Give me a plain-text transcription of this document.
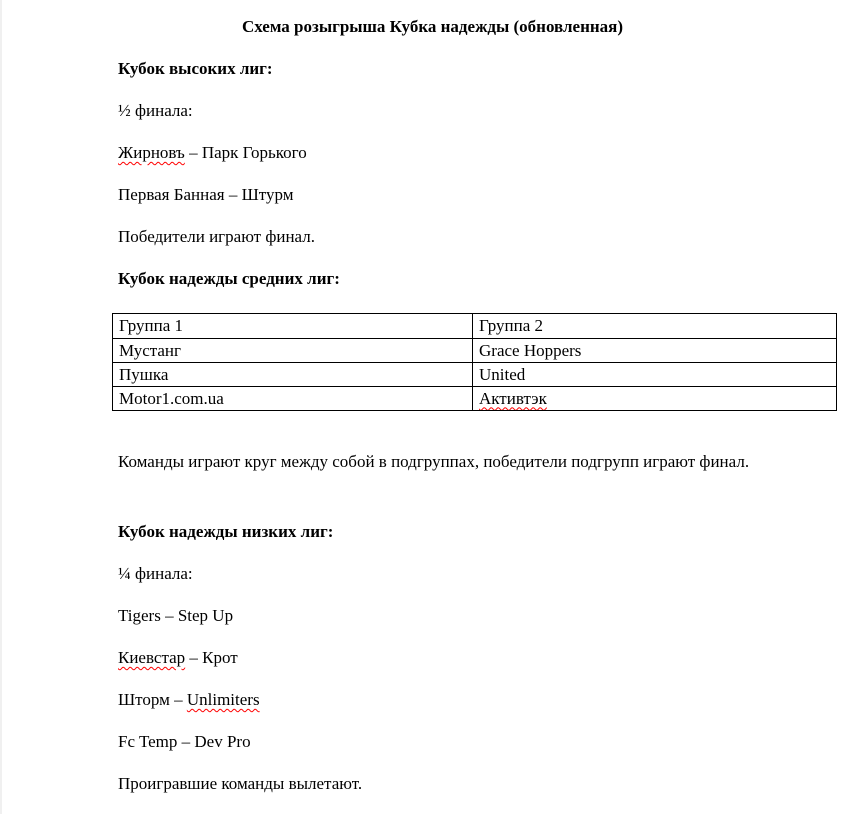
Схема розыгрыша Кубка надежды (обновленная)
Кубок высоких лиг:
½ финала:
Жирновъ – Парк Горького
Первая Банная – Штурм
Победители играют финал.
Кубок надежды средних лиг:
Группа 1	Группа 2
Мустанг	Grace Hoppers
Пушка	United
Motor1.com.ua	Активтэк
Команды играют круг между собой в подгруппах, победители подгрупп играют финал.
Кубок надежды низких лиг:
¼ финала:
Tigers – Step Up
Киевстар – Крот
Шторм – Unlimiters
Fc Temp – Dev Pro
Проигравшие команды вылетают.
